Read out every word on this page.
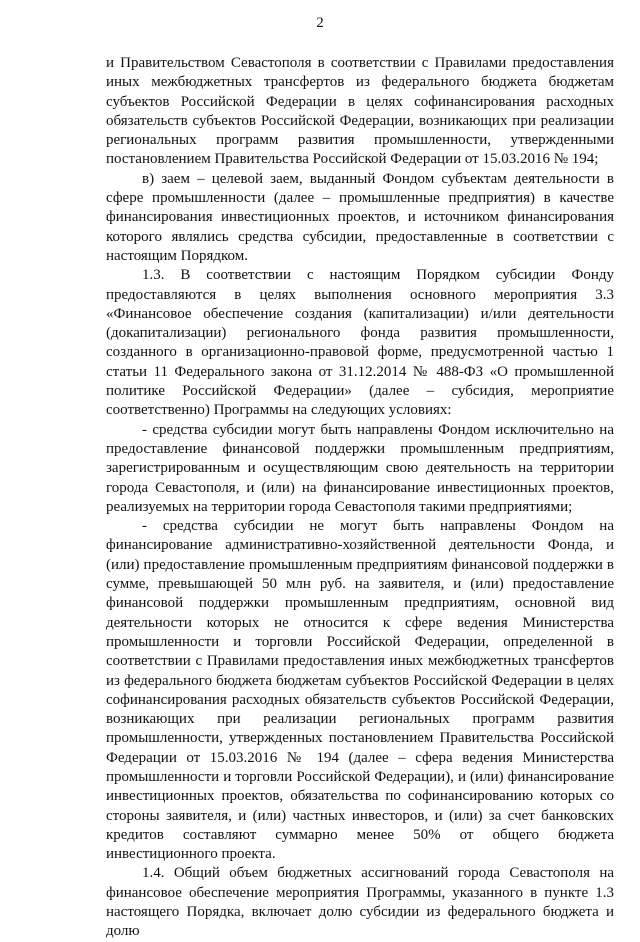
2

и Правительством Севастополя в соответствии с Правилами предоставления иных межбюджетных трансфертов из федерального бюджета бюджетам субъектов Российской Федерации в целях софинансирования расходных обязательств субъектов Российской Федерации, возникающих при реализации региональных программ развития промышленности, утвержденными постановлением Правительства Российской Федерации от 15.03.2016 № 194;

в) заем – целевой заем, выданный Фондом субъектам деятельности в сфере промышленности (далее – промышленные предприятия) в качестве финансирования инвестиционных проектов, и источником финансирования которого являлись средства субсидии, предоставленные в соответствии с настоящим Порядком.

1.3. В соответствии с настоящим Порядком субсидии Фонду предоставляются в целях выполнения основного мероприятия 3.3 «Финансовое обеспечение создания (капитализации) и/или деятельности (докапитализации) регионального фонда развития промышленности, созданного в организационно-правовой форме, предусмотренной частью 1 статьи 11 Федерального закона от 31.12.2014 № 488-ФЗ «О промышленной политике Российской Федерации» (далее – субсидия, мероприятие соответственно) Программы на следующих условиях:

- средства субсидии могут быть направлены Фондом исключительно на предоставление финансовой поддержки промышленным предприятиям, зарегистрированным и осуществляющим свою деятельность на территории города Севастополя, и (или) на финансирование инвестиционных проектов, реализуемых на территории города Севастополя такими предприятиями;

- средства субсидии не могут быть направлены Фондом на финансирование административно-хозяйственной деятельности Фонда, и (или) предоставление промышленным предприятиям финансовой поддержки в сумме, превышающей 50 млн руб. на заявителя, и (или) предоставление финансовой поддержки промышленным предприятиям, основной вид деятельности которых не относится к сфере ведения Министерства промышленности и торговли Российской Федерации, определенной в соответствии с Правилами предоставления иных межбюджетных трансфертов из федерального бюджета бюджетам субъектов Российской Федерации в целях софинансирования расходных обязательств субъектов Российской Федерации, возникающих при реализации региональных программ развития промышленности, утвержденных постановлением Правительства Российской Федерации от 15.03.2016 № 194 (далее – сфера ведения Министерства промышленности и торговли Российской Федерации), и (или) финансирование инвестиционных проектов, обязательства по софинансированию которых со стороны заявителя, и (или) частных инвесторов, и (или) за счет банковских кредитов составляют суммарно менее 50% от общего бюджета инвестиционного проекта.

1.4. Общий объем бюджетных ассигнований города Севастополя на финансовое обеспечение мероприятия Программы, указанного в пункте 1.3 настоящего Порядка, включает долю субсидии из федерального бюджета и долю
